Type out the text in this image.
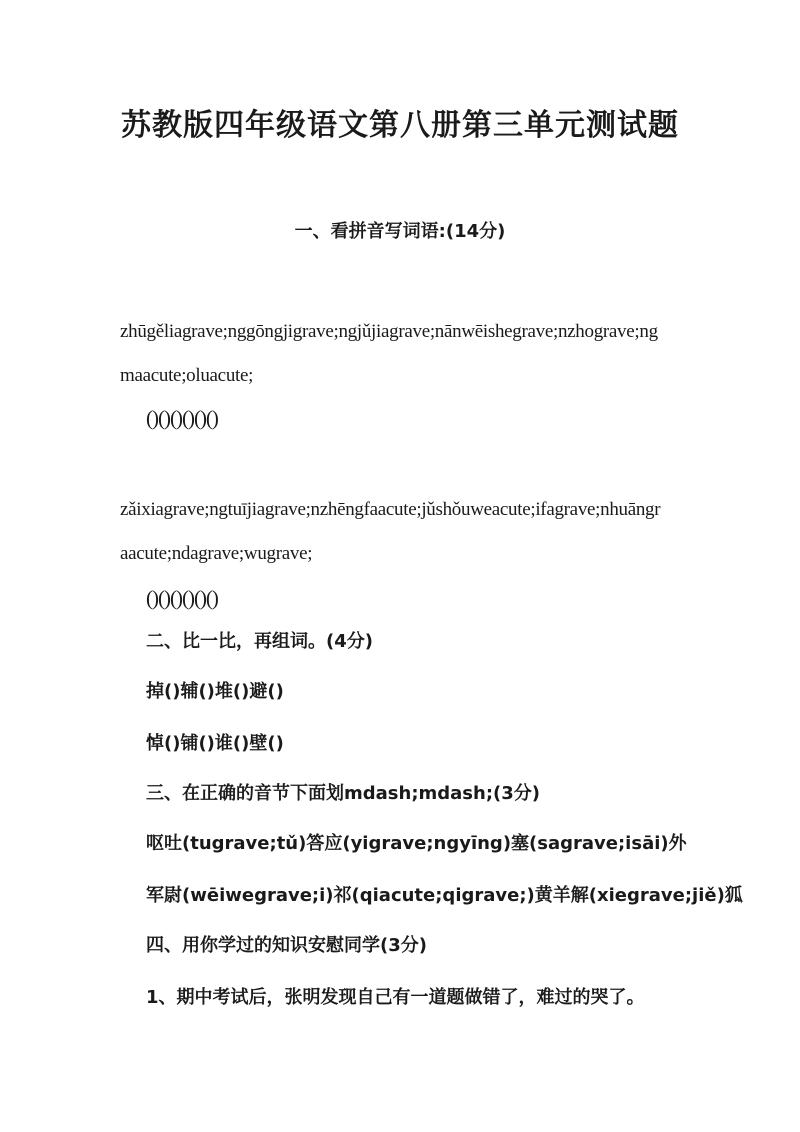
苏教版四年级语文第八册第三单元测试题
一、看拼音写词语:(14分)
zhūgěliagrave;nggōngjigrave;ngjǔjiagrave;nānwēishegrave;nzhograve;ng
maacute;oluacute;
()()()()()()
zǎixiagrave;ngtuījiagrave;nzhēngfaacute;jǔshǒuweacute;ifagrave;nhuāngr
aacute;ndagrave;wugrave;
()()()()()()
二、比一比，再组词。(4分)
掉()辅()堆()避()
悼()铺()谁()壁()
三、在正确的音节下面划mdash;mdash;(3分)
呕吐(tugrave;tǔ)答应(yigrave;ngyīng)塞(sagrave;isāi)外
军尉(wēiwegrave;i)祁(qiacute;qigrave;)黄羊解(xiegrave;jiě)狐
四、用你学过的知识安慰同学(3分)
1、期中考试后，张明发现自己有一道题做错了，难过的哭了。
